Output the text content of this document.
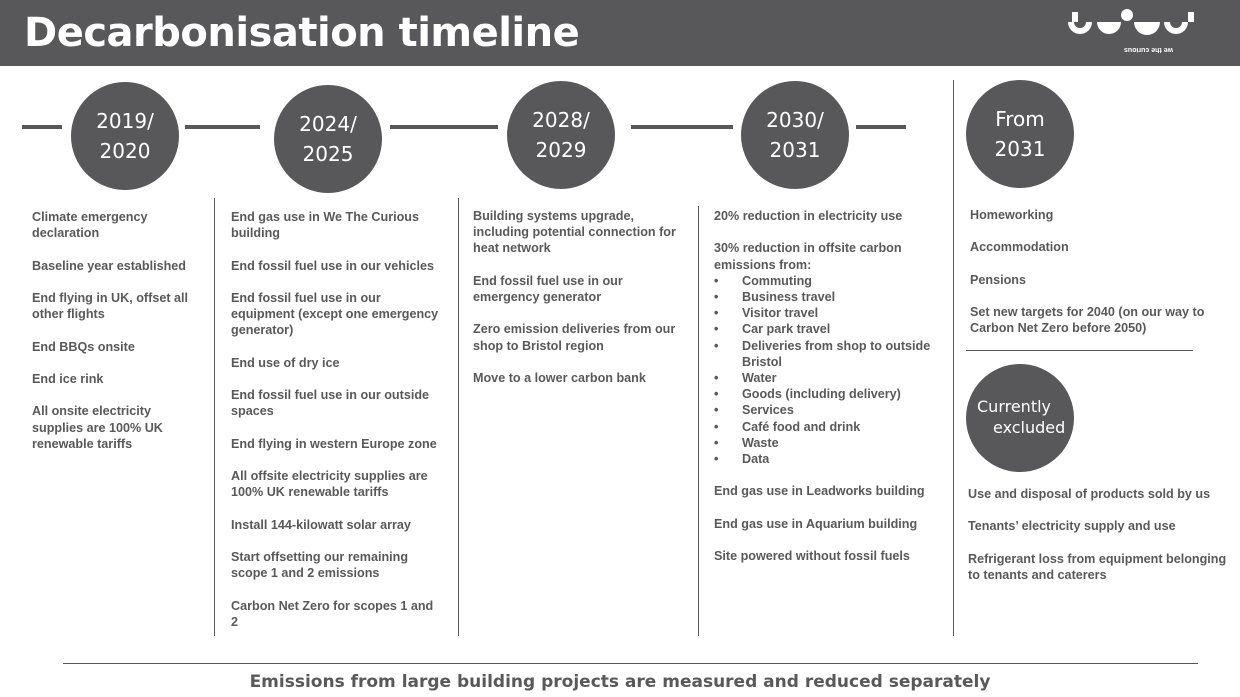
Decarbonisation timeline	we the curious
2019/
2020
2024/
2025
2028/
2029
2030/
2031
From
2031

Climate emergency declaration

Baseline year established

End flying in UK, offset all other flights

End BBQs onsite

End ice rink

All onsite electricity supplies are 100% UK renewable tariffs

End gas use in We The Curious building

End fossil fuel use in our vehicles

End fossil fuel use in our equipment (except one emergency generator)

End use of dry ice

End fossil fuel use in our outside spaces

End flying in western Europe zone

All offsite electricity supplies are 100% UK renewable tariffs

Install 144-kilowatt solar array

Start offsetting our remaining scope 1 and 2 emissions

Carbon Net Zero for scopes 1 and 2

Building systems upgrade, including potential connection for heat network

End fossil fuel use in our emergency generator

Zero emission deliveries from our shop to Bristol region

Move to a lower carbon bank

20% reduction in electricity use

30% reduction in offsite carbon emissions from:

• Commuting
• Business travel
• Visitor travel
• Car park travel
• Deliveries from shop to outside Bristol
• Water
• Goods (including delivery)
• Services
• Café food and drink
• Waste
• Data

End gas use in Leadworks building

End gas use in Aquarium building

Site powered without fossil fuels

Homeworking

Accommodation

Pensions

Set new targets for 2040 (on our way to Carbon Net Zero before 2050)

Currently
excluded

Use and disposal of products sold by us

Tenants’ electricity supply and use

Refrigerant loss from equipment belonging to tenants and caterers

Emissions from large building projects are measured and reduced separately
